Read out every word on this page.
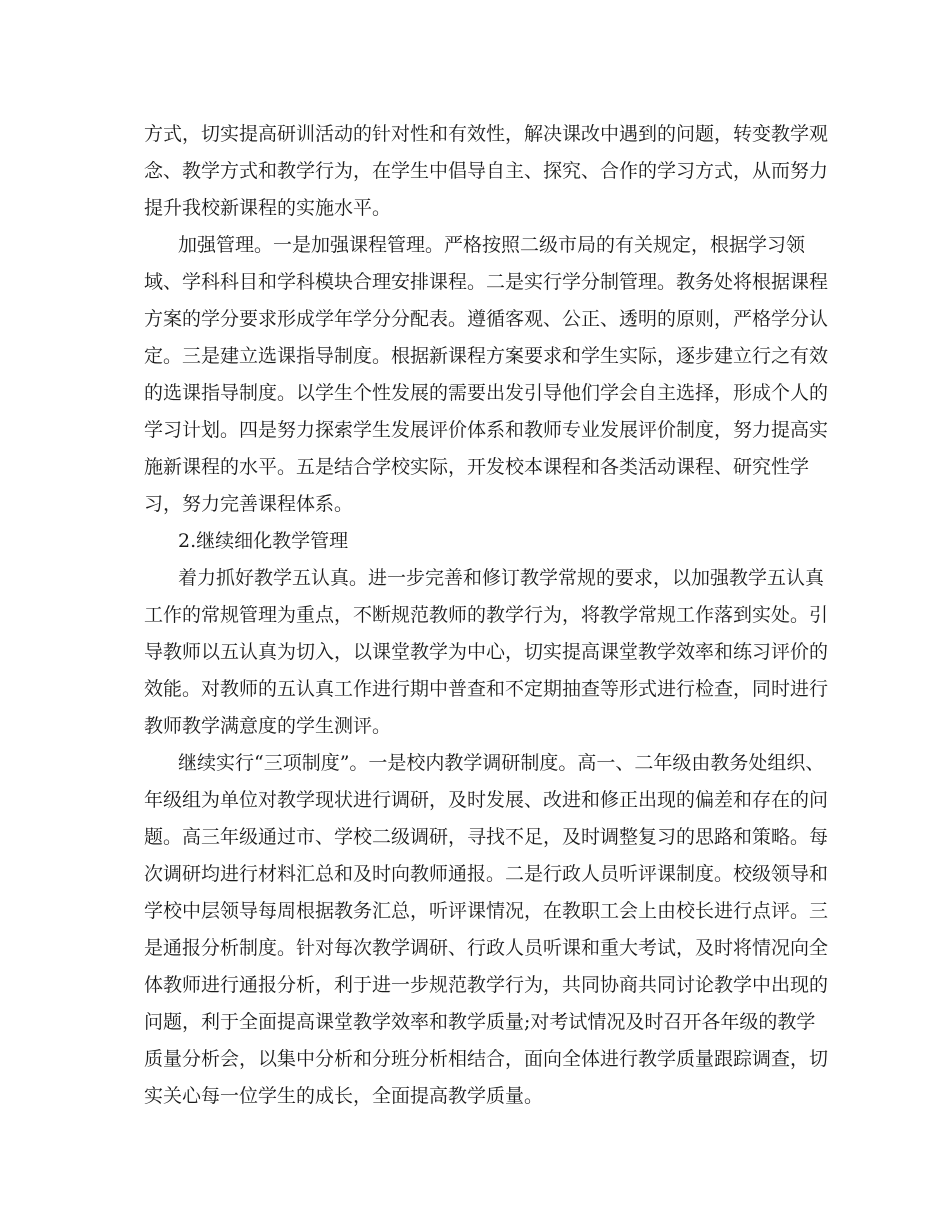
方式，切实提高研训活动的针对性和有效性，解决课改中遇到的问题，转变教学观
念、教学方式和教学行为，在学生中倡导自主、探究、合作的学习方式，从而努力
提升我校新课程的实施水平。

加强管理。一是加强课程管理。严格按照二级市局的有关规定，根据学习领
域、学科科目和学科模块合理安排课程。二是实行学分制管理。教务处将根据课程
方案的学分要求形成学年学分分配表。遵循客观、公正、透明的原则，严格学分认
定。三是建立选课指导制度。根据新课程方案要求和学生实际，逐步建立行之有效
的选课指导制度。以学生个性发展的需要出发引导他们学会自主选择，形成个人的
学习计划。四是努力探索学生发展评价体系和教师专业发展评价制度，努力提高实
施新课程的水平。五是结合学校实际，开发校本课程和各类活动课程、研究性学
习，努力完善课程体系。

2.继续细化教学管理

着力抓好教学五认真。进一步完善和修订教学常规的要求，以加强教学五认真
工作的常规管理为重点，不断规范教师的教学行为，将教学常规工作落到实处。引
导教师以五认真为切入，以课堂教学为中心，切实提高课堂教学效率和练习评价的
效能。对教师的五认真工作进行期中普查和不定期抽查等形式进行检查，同时进行
教师教学满意度的学生测评。

继续实行“三项制度”。一是校内教学调研制度。高一、二年级由教务处组织、
年级组为单位对教学现状进行调研，及时发展、改进和修正出现的偏差和存在的问
题。高三年级通过市、学校二级调研，寻找不足，及时调整复习的思路和策略。每
次调研均进行材料汇总和及时向教师通报。二是行政人员听评课制度。校级领导和
学校中层领导每周根据教务汇总，听评课情况，在教职工会上由校长进行点评。三
是通报分析制度。针对每次教学调研、行政人员听课和重大考试，及时将情况向全
体教师进行通报分析，利于进一步规范教学行为，共同协商共同讨论教学中出现的
问题，利于全面提高课堂教学效率和教学质量;对考试情况及时召开各年级的教学
质量分析会，以集中分析和分班分析相结合，面向全体进行教学质量跟踪调查，切
实关心每一位学生的成长，全面提高教学质量。
